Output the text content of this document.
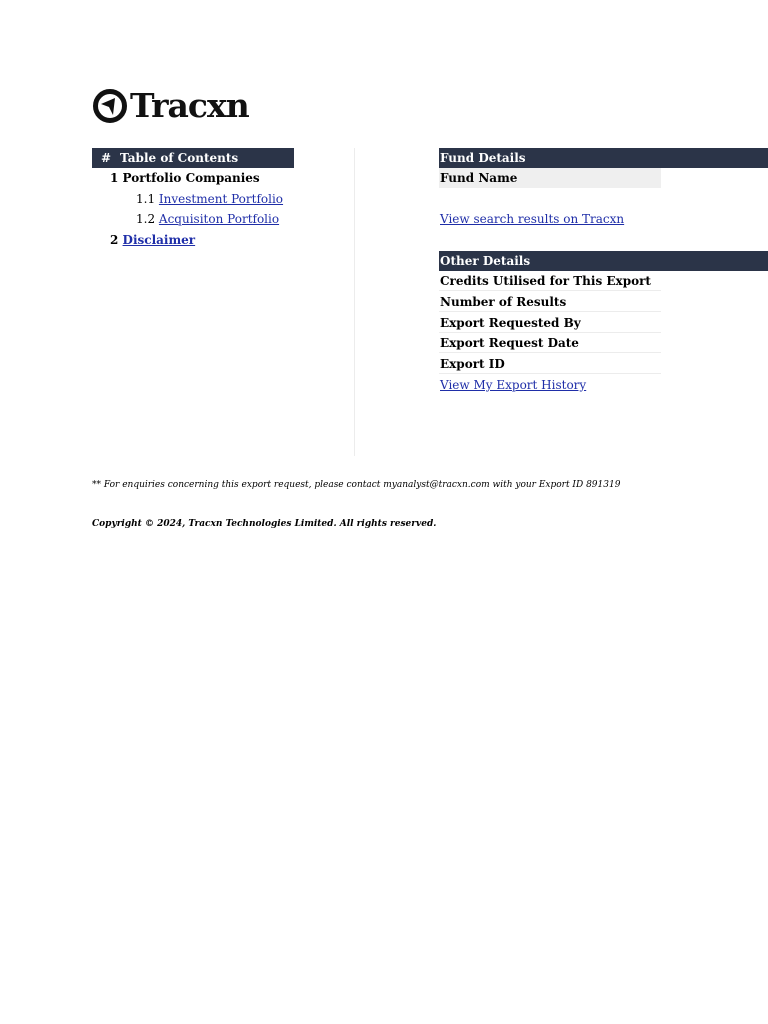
Tracxn
# Table of Contents
1 Portfolio Companies
1.1 Investment Portfolio
1.2 Acquisiton Portfolio
2 Disclaimer
Fund Details
Fund Name
View search results on Tracxn
Other Details
Credits Utilised for This Export
Number of Results
Export Requested By
Export Request Date
Export ID
View My Export History
** For enquiries concerning this export request, please contact myanalyst@tracxn.com with your Export ID 891319
Copyright © 2024, Tracxn Technologies Limited. All rights reserved.
